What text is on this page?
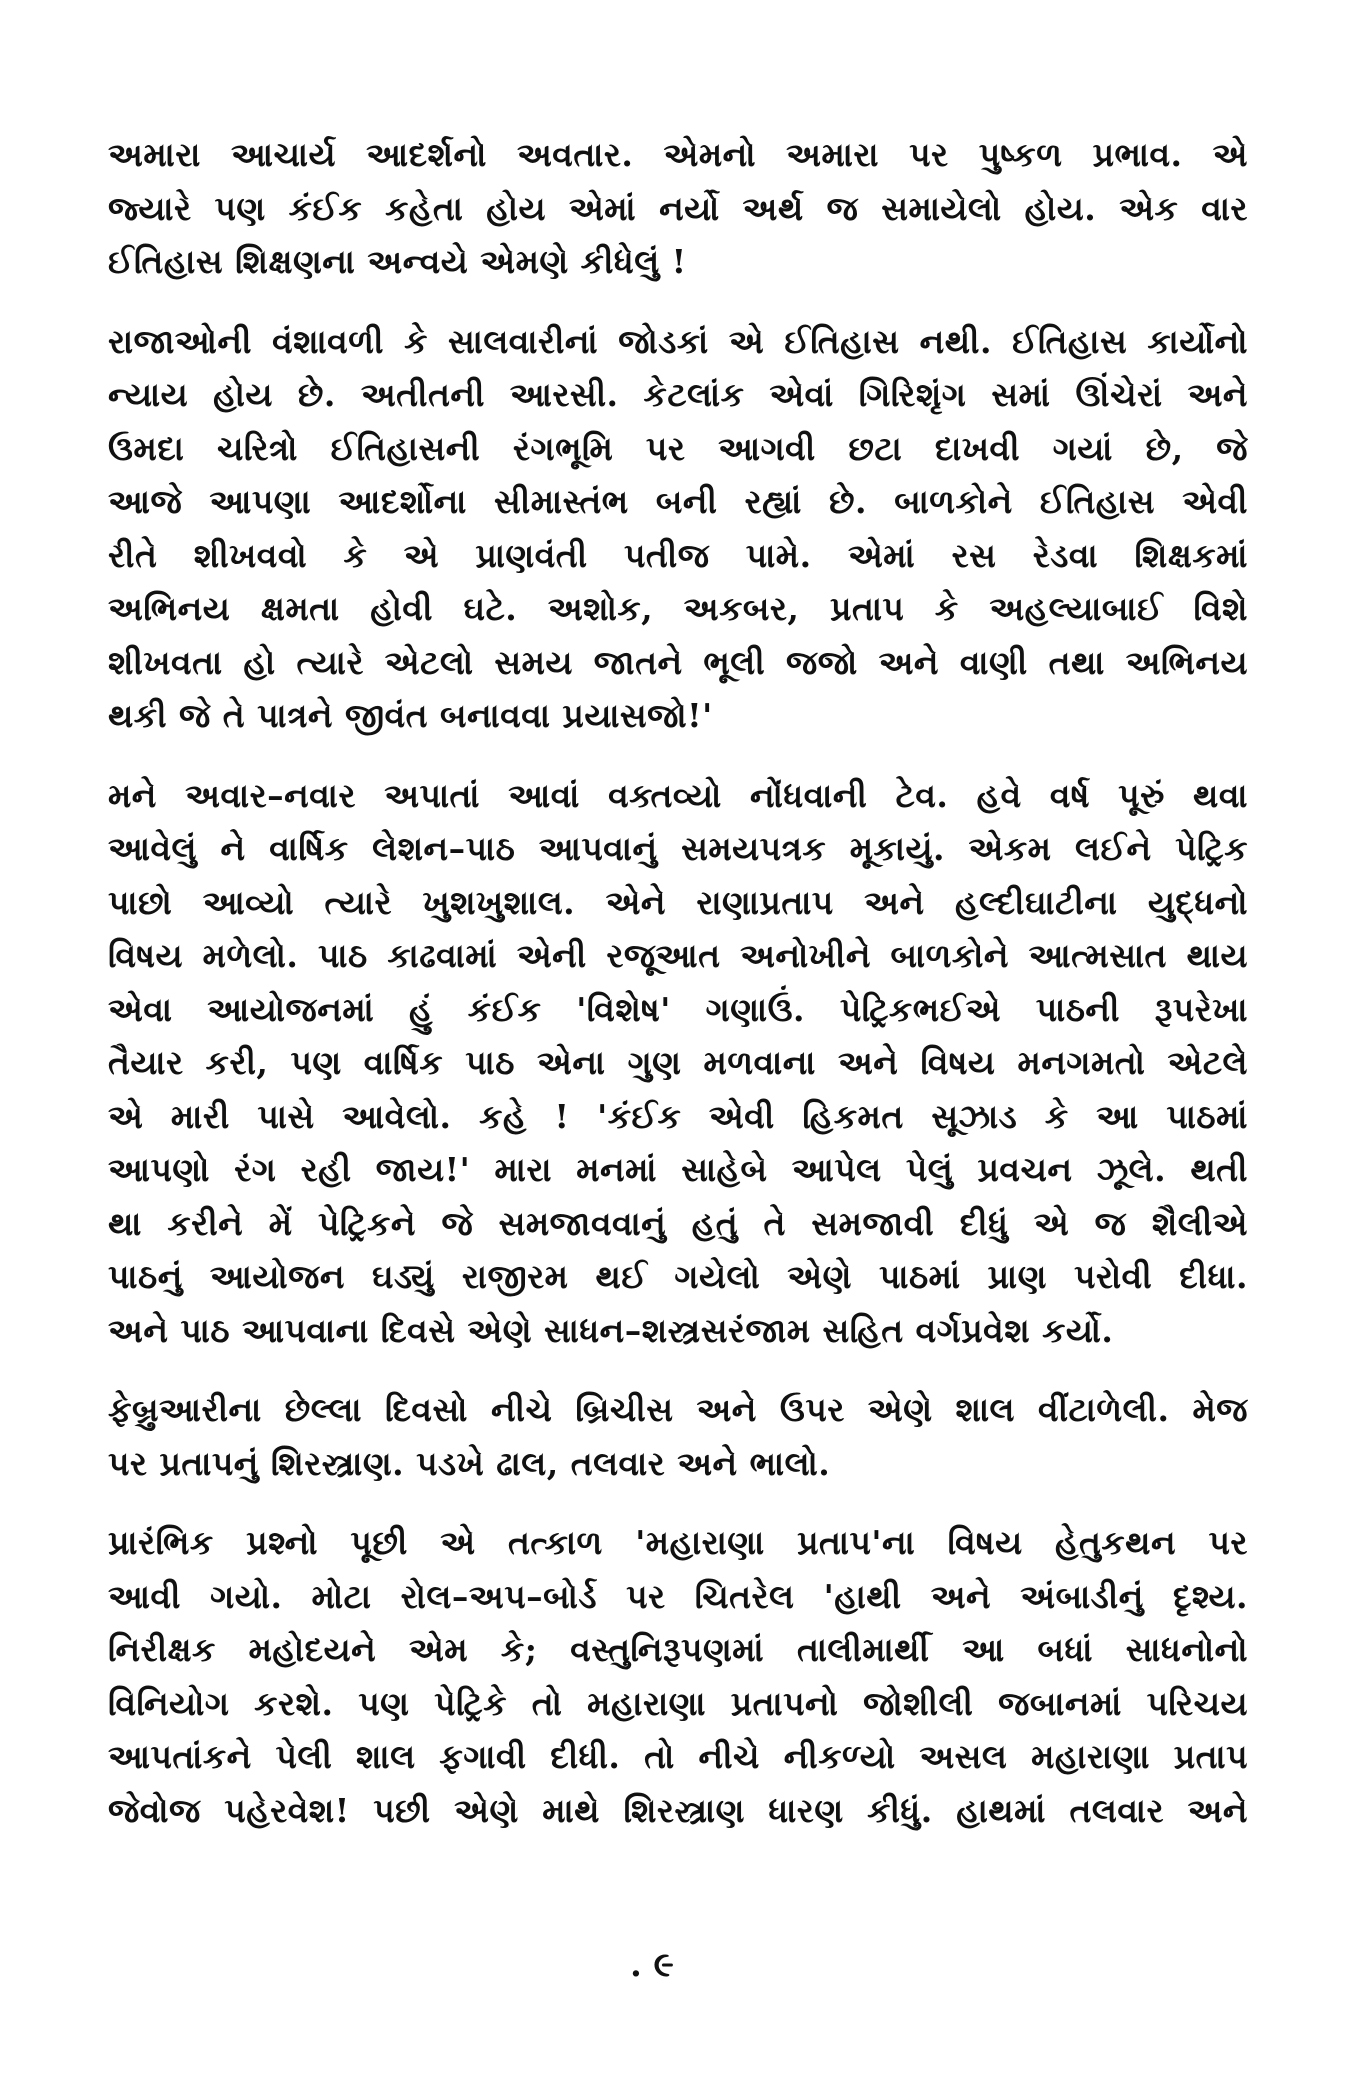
અમારા આચાર્ય આદર્શનો અવતાર. એમનો અમારા પર પુષ્કળ પ્રભાવ. એ
જ્યારે પણ કંઈક કહેતા હોય એમાં નર્યો અર્થ જ સમાયેલો હોય. એક વાર
ઈતિહાસ શિક્ષણના અન્વયે એમણે કીધેલું !
રાજાઓની વંશાવળી કે સાલવારીનાં જોડકાં એ ઈતિહાસ નથી. ઈતિહાસ કાર્યોનો
ન્યાય હોય છે. અતીતની આરસી. કેટલાંક એવાં ગિરિશૃંગ સમાં ઊંચેરાં અને
ઉમદા ચરિત્રો ઈતિહાસની રંગભૂમિ પર આગવી છટા દાખવી ગયાં છે, જે
આજે આપણા આદર્શોના સીમાસ્તંભ બની રહ્યાં છે. બાળકોને ઈતિહાસ એવી
રીતે શીખવવો કે એ પ્રાણવંતી પતીજ પામે. એમાં રસ રેડવા શિક્ષકમાં
અભિનય ક્ષમતા હોવી ઘટે. અશોક, અકબર, પ્રતાપ કે અહલ્યાબાઈ વિશે
શીખવતા હો ત્યારે એટલો સમય જાતને ભૂલી જજો અને વાણી તથા અભિનય
થકી જે તે પાત્રને જીવંત બનાવવા પ્રયાસજો!'
મને અવાર–નવાર અપાતાં આવાં વક્તવ્યો નોંધવાની ટેવ. હવે વર્ષ પૂરું થવા
આવેલું ને વાર્ષિક લેશન–પાઠ આપવાનું સમયપત્રક મૂકાયું. એકમ લઈને પેટ્રિક
પાછો આવ્યો ત્યારે ખુશખુશાલ. એને રાણાપ્રતાપ અને હલ્દીઘાટીના યુદ્ધનો
વિષય મળેલો. પાઠ કાઢવામાં એની રજૂઆત અનોખીને બાળકોને આત્મસાત થાય
એવા આયોજનમાં હું કંઈક 'વિશેષ' ગણાઉં. પેટ્રિકભઈએ પાઠની રૂપરેખા
તૈયાર કરી, પણ વાર્ષિક પાઠ એના ગુણ મળવાના અને વિષય મનગમતો એટલે
એ મારી પાસે આવેલો. કહે ! 'કંઈક એવી હિકમત સૂઝાડ કે આ પાઠમાં
આપણો રંગ રહી જાય!' મારા મનમાં સાહેબે આપેલ પેલું પ્રવચન ઝૂલે. થતી
થા કરીને મેં પેટ્રિકને જે સમજાવવાનું હતું તે સમજાવી દીધું એ જ શૈલીએ
પાઠનું આયોજન ઘડ્યું રાજીરમ થઈ ગયેલો એણે પાઠમાં પ્રાણ પરોવી દીધા.
અને પાઠ આપવાના દિવસે એણે સાધન–શસ્ત્રસરંજામ સહિત વર્ગપ્રવેશ કર્યો.
ફેબ્રુઆરીના છેલ્લા દિવસો નીચે બ્રિચીસ અને ઉપર એણે શાલ વીંટાળેલી. મેજ
પર પ્રતાપનું શિરસ્ત્રાણ. પડખે ઢાલ, તલવાર અને ભાલો.
પ્રારંભિક પ્રશ્નો પૂછી એ તત્કાળ 'મહારાણા પ્રતાપ'ના વિષય હેતુકથન પર
આવી ગયો. મોટા રોલ–અપ–બોર્ડ પર ચિતરેલ 'હાથી અને અંબાડીનું દૃશ્ય.
નિરીક્ષક મહોદયને એમ કે; વસ્તુનિરૂપણમાં તાલીમાર્થી આ બધાં સાધનોનો
વિનિયોગ કરશે. પણ પેટ્રિકે તો મહારાણા પ્રતાપનો જોશીલી જબાનમાં પરિચય
આપતાંકને પેલી શાલ ફગાવી દીધી. તો નીચે નીકળ્યો અસલ મહારાણા પ્રતાપ
જેવોજ પહેરવેશ! પછી એણે માથે શિરસ્ત્રાણ ધારણ કીધું. હાથમાં તલવાર અને
. ૯
